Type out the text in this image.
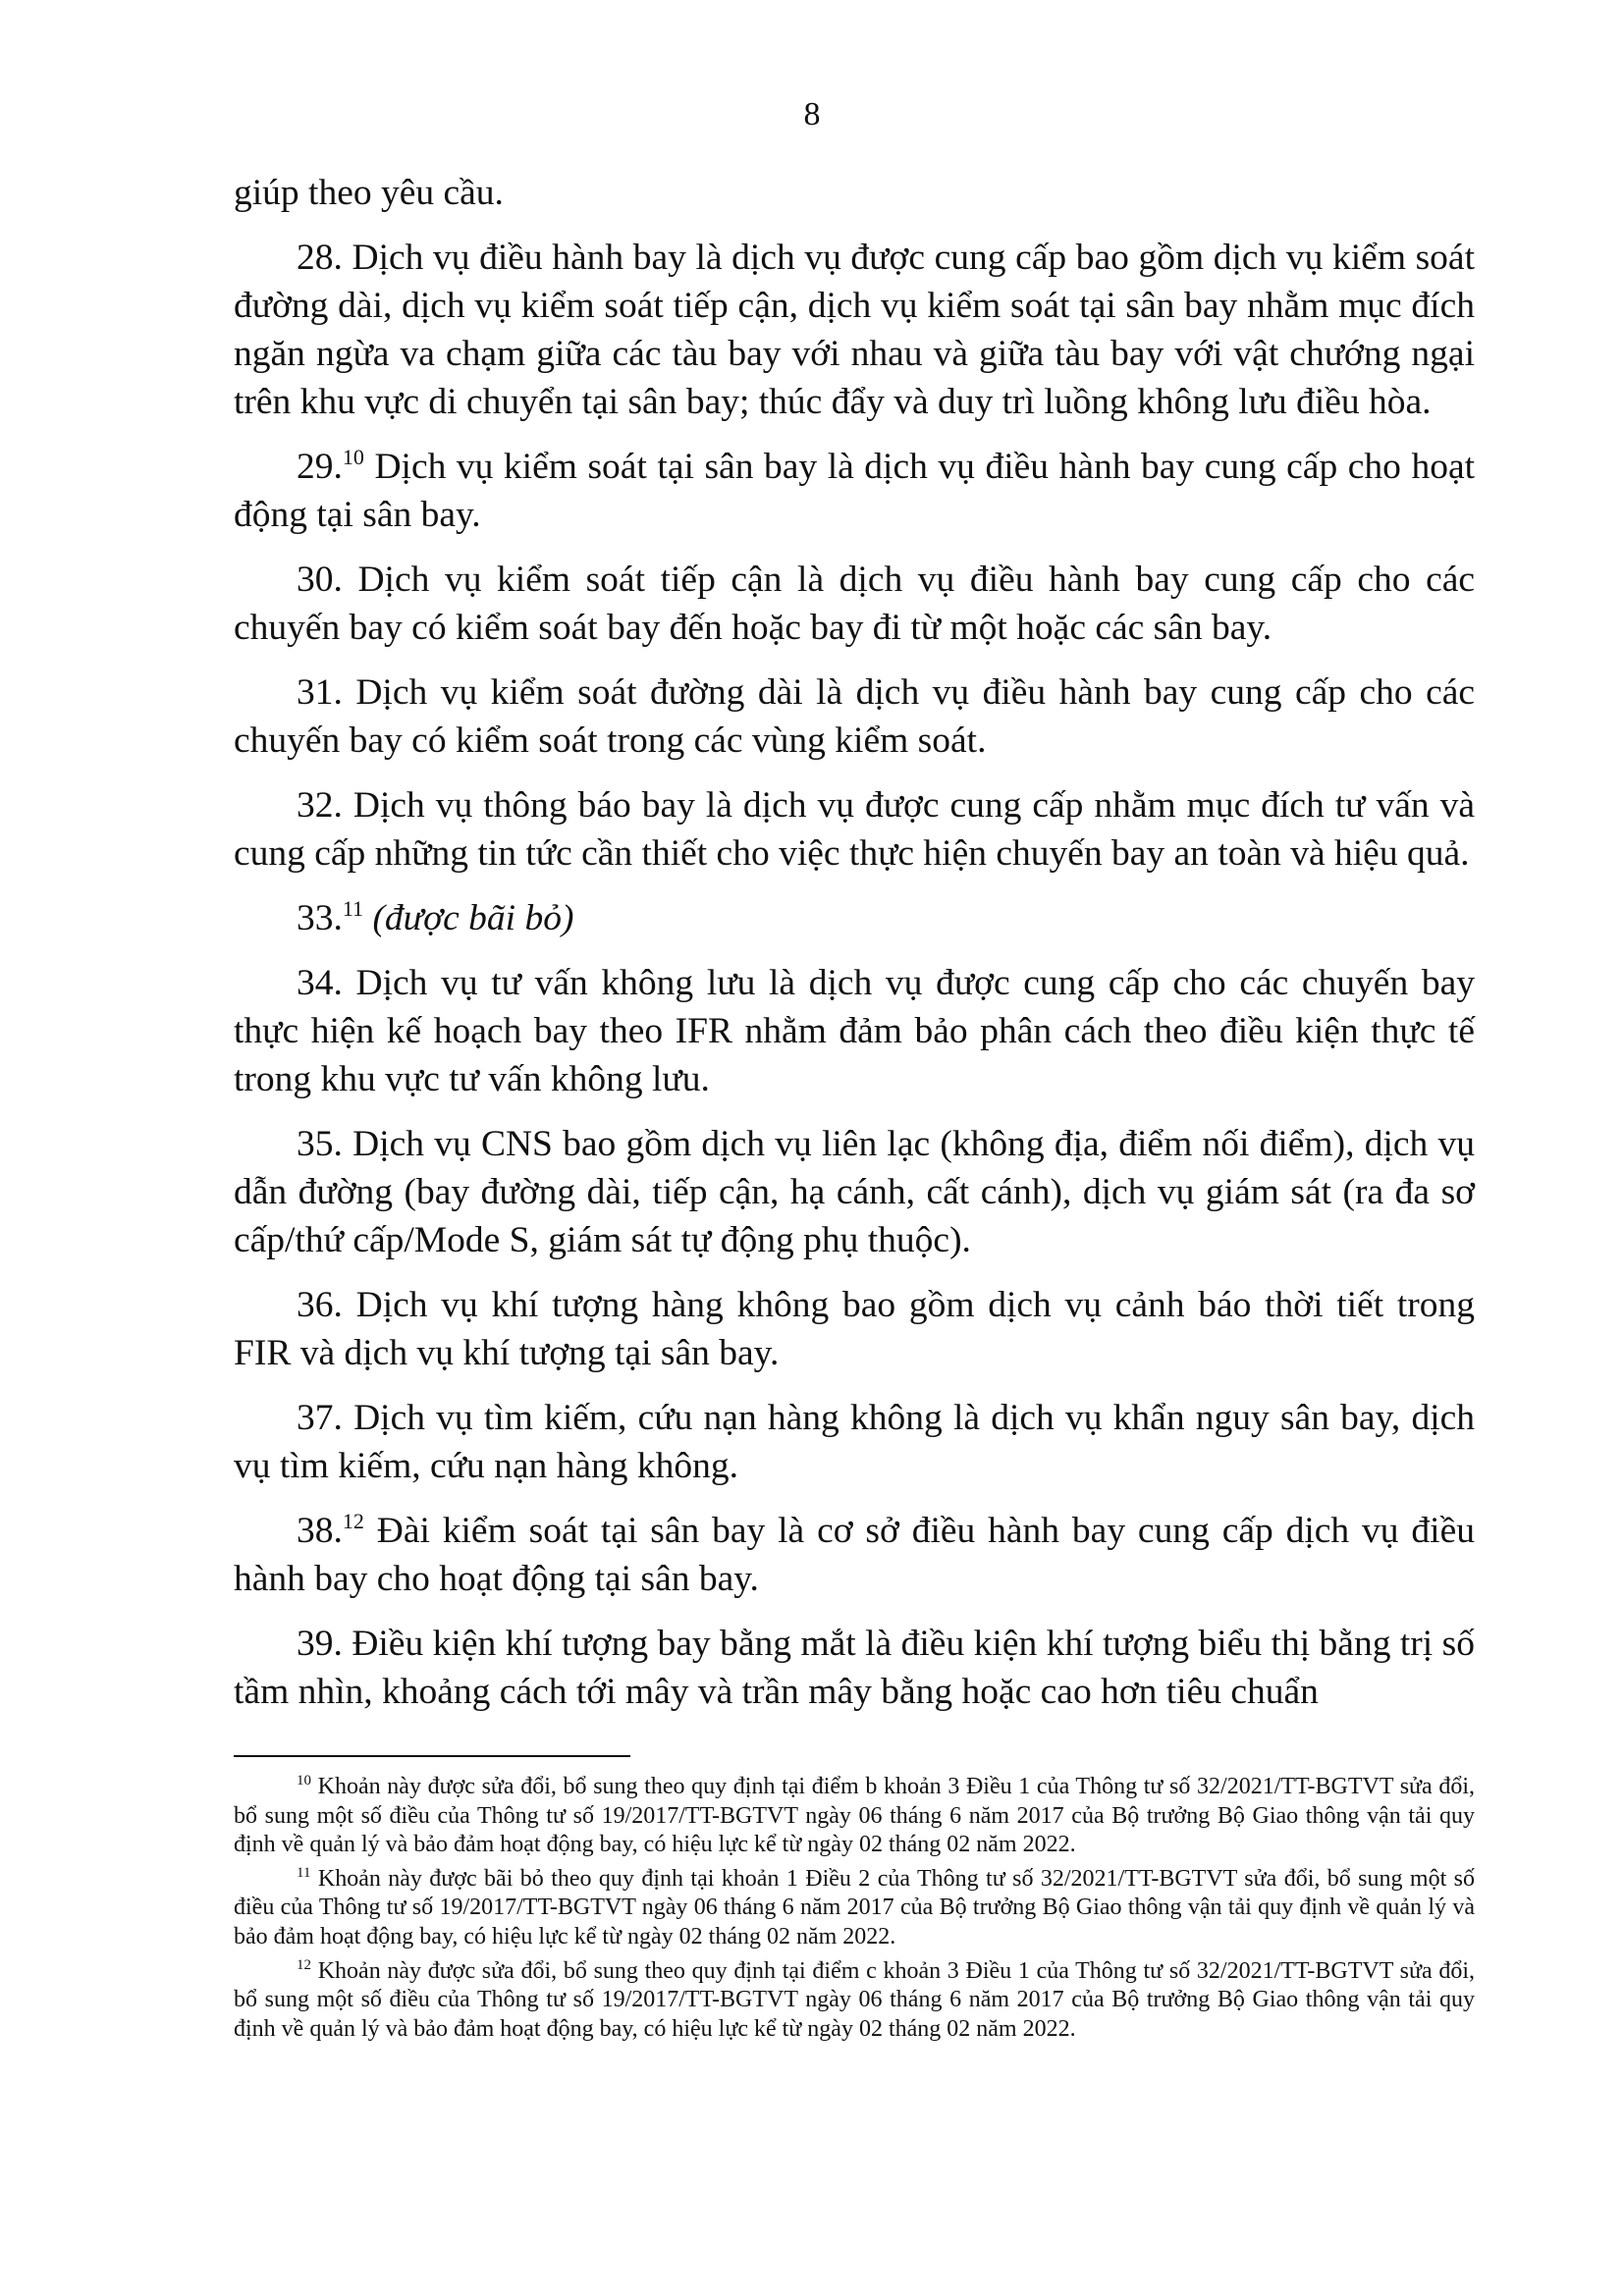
8

giúp theo yêu cầu.

28. Dịch vụ điều hành bay là dịch vụ được cung cấp bao gồm dịch vụ kiểm soát đường dài, dịch vụ kiểm soát tiếp cận, dịch vụ kiểm soát tại sân bay nhằm mục đích ngăn ngừa va chạm giữa các tàu bay với nhau và giữa tàu bay với vật chướng ngại trên khu vực di chuyển tại sân bay; thúc đẩy và duy trì luồng không lưu điều hòa.

29.10 Dịch vụ kiểm soát tại sân bay là dịch vụ điều hành bay cung cấp cho hoạt động tại sân bay.

30. Dịch vụ kiểm soát tiếp cận là dịch vụ điều hành bay cung cấp cho các chuyến bay có kiểm soát bay đến hoặc bay đi từ một hoặc các sân bay.

31. Dịch vụ kiểm soát đường dài là dịch vụ điều hành bay cung cấp cho các chuyến bay có kiểm soát trong các vùng kiểm soát.

32. Dịch vụ thông báo bay là dịch vụ được cung cấp nhằm mục đích tư vấn và cung cấp những tin tức cần thiết cho việc thực hiện chuyến bay an toàn và hiệu quả.

33.11 (được bãi bỏ)

34. Dịch vụ tư vấn không lưu là dịch vụ được cung cấp cho các chuyến bay thực hiện kế hoạch bay theo IFR nhằm đảm bảo phân cách theo điều kiện thực tế trong khu vực tư vấn không lưu.

35. Dịch vụ CNS bao gồm dịch vụ liên lạc (không địa, điểm nối điểm), dịch vụ dẫn đường (bay đường dài, tiếp cận, hạ cánh, cất cánh), dịch vụ giám sát (ra đa sơ cấp/thứ cấp/Mode S, giám sát tự động phụ thuộc).

36. Dịch vụ khí tượng hàng không bao gồm dịch vụ cảnh báo thời tiết trong FIR và dịch vụ khí tượng tại sân bay.

37. Dịch vụ tìm kiếm, cứu nạn hàng không là dịch vụ khẩn nguy sân bay, dịch vụ tìm kiếm, cứu nạn hàng không.

38.12 Đài kiểm soát tại sân bay là cơ sở điều hành bay cung cấp dịch vụ điều hành bay cho hoạt động tại sân bay.

39. Điều kiện khí tượng bay bằng mắt là điều kiện khí tượng biểu thị bằng trị số tầm nhìn, khoảng cách tới mây và trần mây bằng hoặc cao hơn tiêu chuẩn

$^{10}$ Khoản này được sửa đổi, bổ sung theo quy định tại điểm b khoản 3 Điều 1 của Thông tư số 32/2021/TT-BGTVT sửa đổi, bổ sung một số điều của Thông tư số 19/2017/TT-BGTVT ngày 06 tháng 6 năm 2017 của Bộ trưởng Bộ Giao thông vận tải quy định về quản lý và bảo đảm hoạt động bay, có hiệu lực kể từ ngày 02 tháng 02 năm 2022.

$^{11}$ Khoản này được bãi bỏ theo quy định tại khoản 1 Điều 2 của Thông tư số 32/2021/TT-BGTVT sửa đổi, bổ sung một số điều của Thông tư số 19/2017/TT-BGTVT ngày 06 tháng 6 năm 2017 của Bộ trưởng Bộ Giao thông vận tải quy định về quản lý và bảo đảm hoạt động bay, có hiệu lực kể từ ngày 02 tháng 02 năm 2022.

$^{12}$ Khoản này được sửa đổi, bổ sung theo quy định tại điểm c khoản 3 Điều 1 của Thông tư số 32/2021/TT-BGTVT sửa đổi, bổ sung một số điều của Thông tư số 19/2017/TT-BGTVT ngày 06 tháng 6 năm 2017 của Bộ trưởng Bộ Giao thông vận tải quy định về quản lý và bảo đảm hoạt động bay, có hiệu lực kể từ ngày 02 tháng 02 năm 2022.
